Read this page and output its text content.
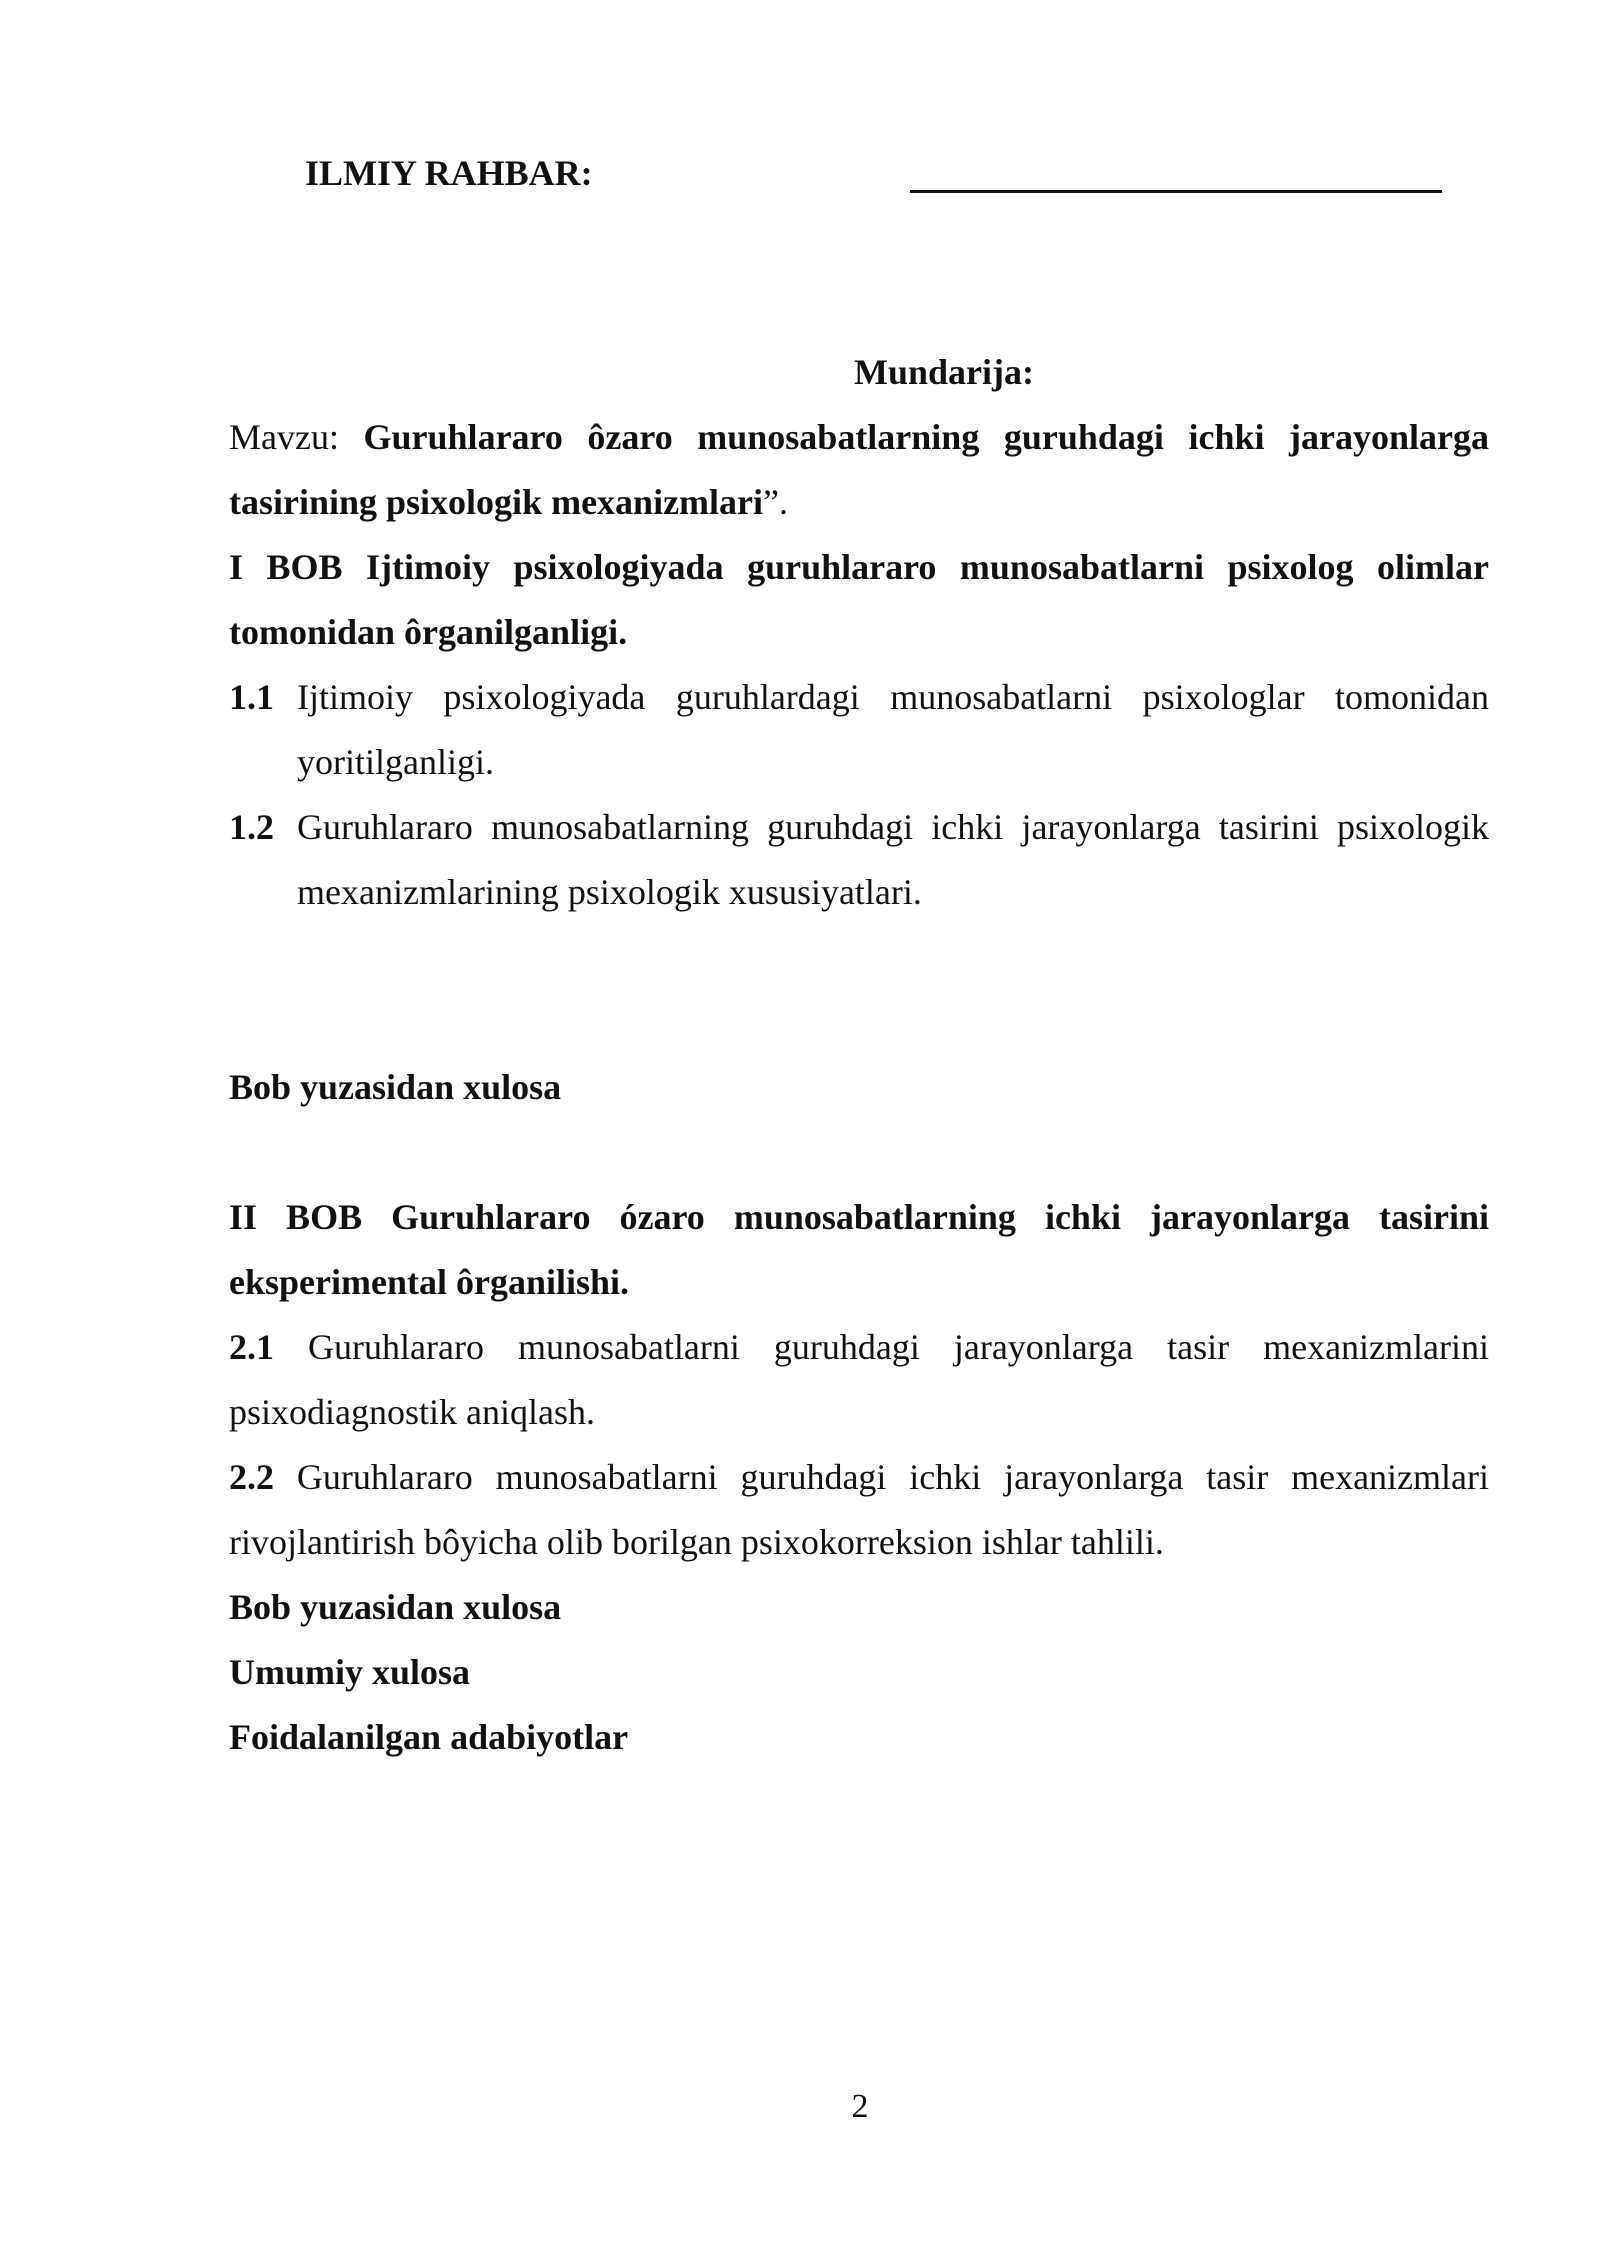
ILMIY RAHBAR:

Mundarija:

Mavzu: Guruhlararo ôzaro munosabatlarning guruhdagi ichki jarayonlarga tasirining psixologik mexanizmlari”.

I BOB Ijtimoiy psixologiyada guruhlararo munosabatlarni psixolog olimlar tomonidan ôrganilganligi.

1.1 Ijtimoiy psixologiyada guruhlardagi munosabatlarni psixologlar tomonidan yoritilganligi.

1.2 Guruhlararo munosabatlarning guruhdagi ichki jarayonlarga tasirini psixologik mexanizmlarining psixologik xususiyatlari.

Bob yuzasidan xulosa

II BOB Guruhlararo ózaro munosabatlarning ichki jarayonlarga tasirini eksperimental ôrganilishi.

2.1 Guruhlararo munosabatlarni guruhdagi jarayonlarga tasir mexanizmlarini psixodiagnostik aniqlash.

2.2 Guruhlararo munosabatlarni guruhdagi ichki jarayonlarga tasir mexanizmlari rivojlantirish bôyicha olib borilgan psixokorreksion ishlar tahlili.

Bob yuzasidan xulosa

Umumiy xulosa

Foidalanilgan adabiyotlar

2
